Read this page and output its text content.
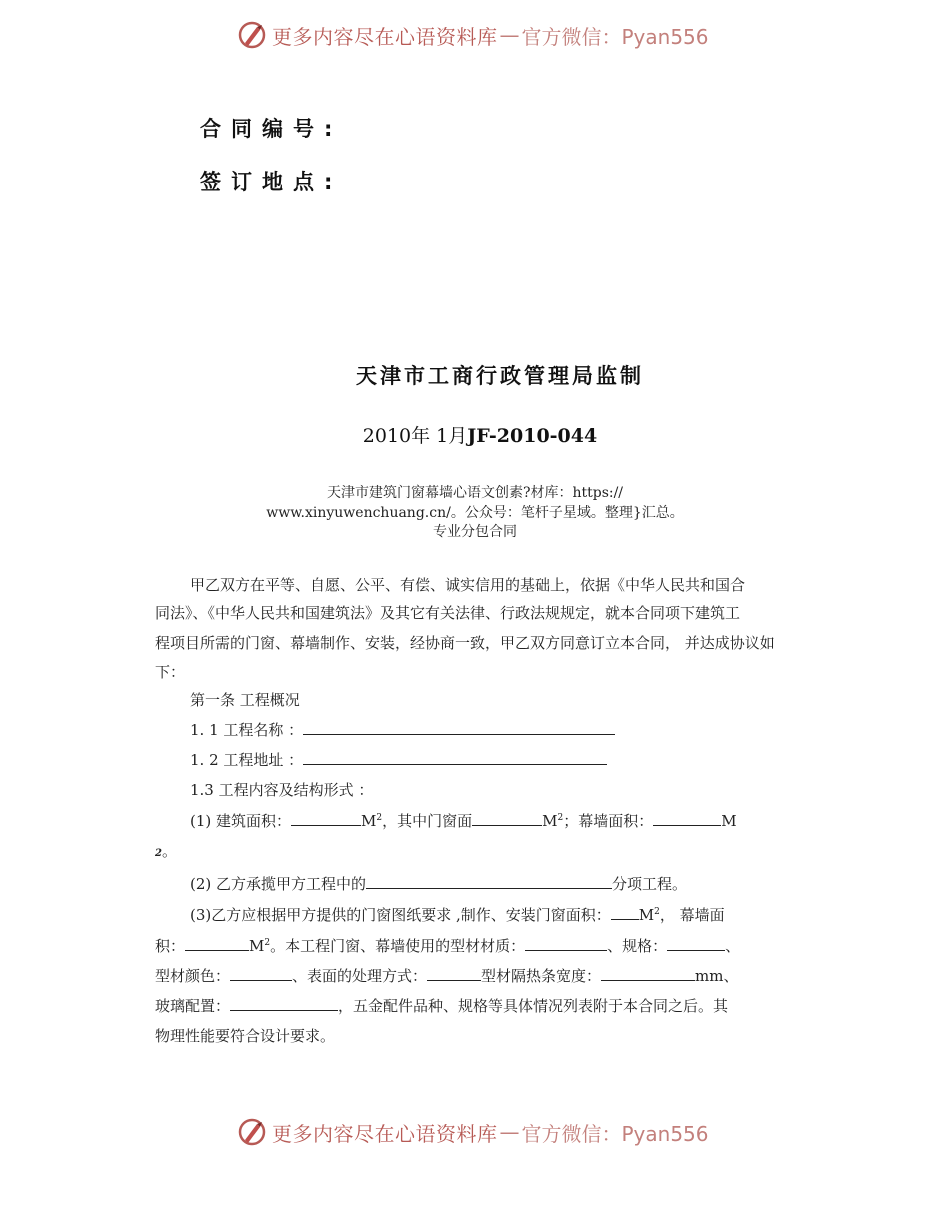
更多内容尽在心语资料库 — 官方微信：Pyan556
合同编号:
签订地点:
天津市工商行政管理局监制
2010年 1月JF-2010-044
天津市建筑门窗幕墙心语文创素?材库：https://
www.xinyuwenchuang.cn/。公众号：笔杆子星域。整理}汇总。
专业分包合同
甲乙双方在平等、自愿、公平、有偿、诚实信用的基础上，依据《中华人民共和国合
同法》、《中华人民共和国建筑法》及其它有关法律、行政法规规定，就本合同项下建筑工
程项目所需的门窗、幕墙制作、安装，经协商一致，甲乙双方同意订立本合同， 并达成协议如
下：
第一条 工程概况
1. 1 工程名称 ：
1. 2 工程地址 ：
1.3 工程内容及结构形式 ：
(1) 建筑面积：	$M^2$，其中门窗面	$M^2$；幕墙面积：	M
2。
(2) 乙方承揽甲方工程中的	分项工程。
(3)乙方应根据甲方提供的门窗图纸要求 ,制作、安装门窗面积： $M^2$， 幕墙面
积：	$M^2$。本工程门窗、幕墙使用的型材材质：	、规格：	、
型材颜色：	、表面的处理方式：	型材隔热条宽度：	mm、
玻璃配置：	，五金配件品种、规格等具体情况列表附于本合同之后。其
物理性能要符合设计要求。
更多内容尽在心语资料库 — 官方微信：Pyan556
